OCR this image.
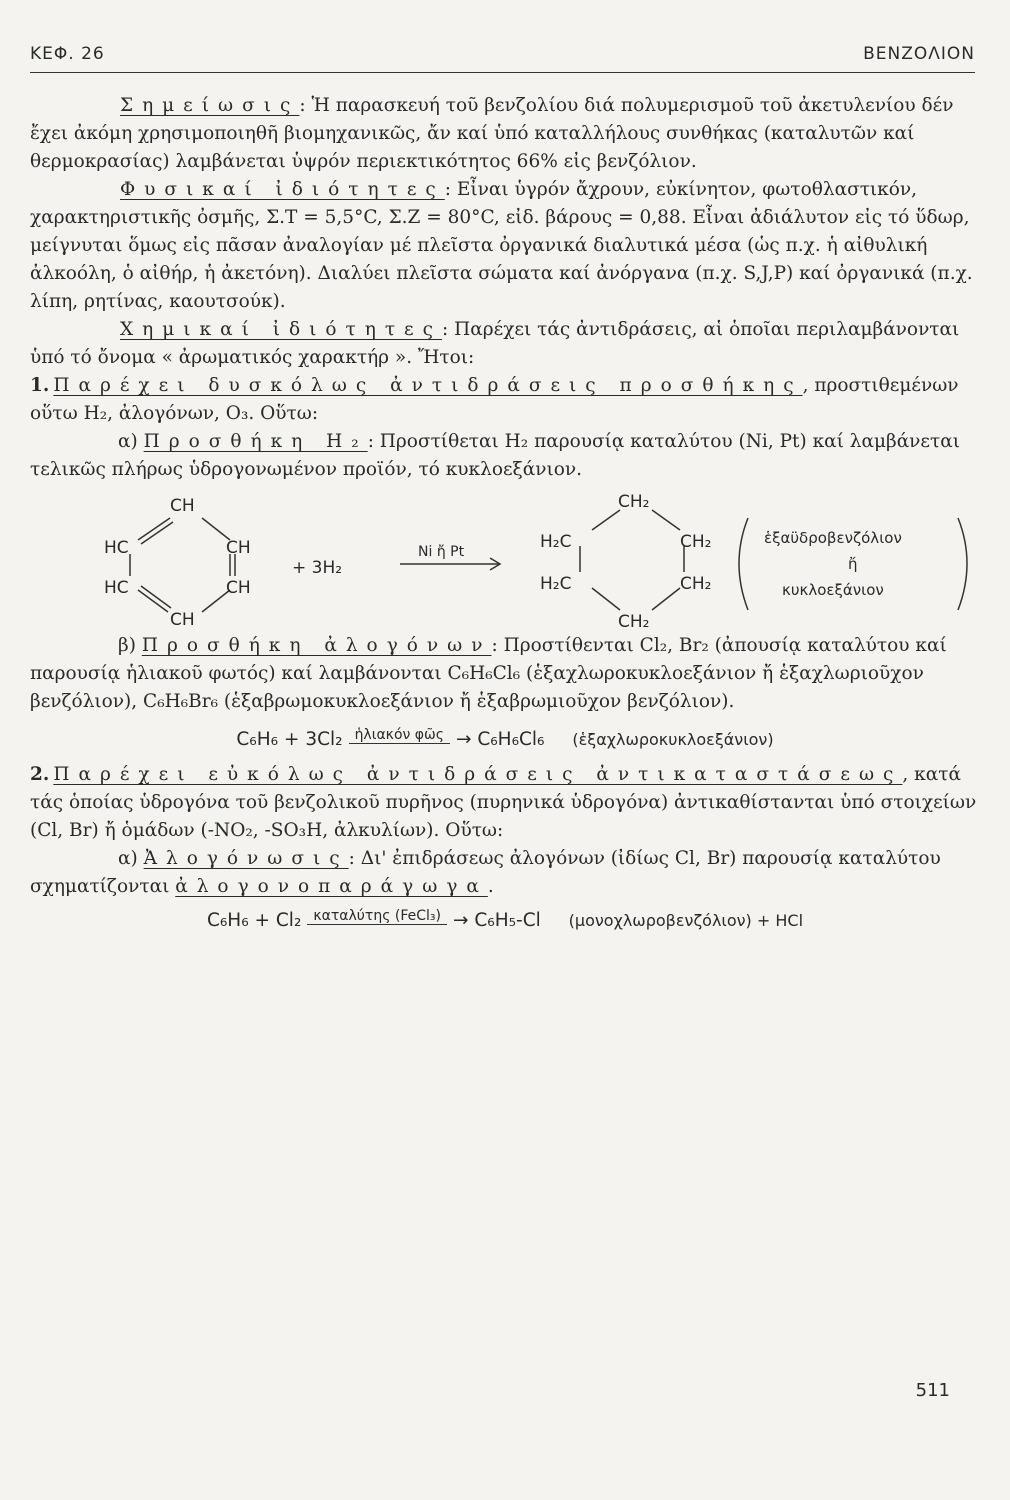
ΚΕΦ. 26	ΒΕΝΖΟΛΙΟΝ

Σημείωσις: Ἡ παρασκευή τοῦ βενζολίου διά πολυμερισμοῦ τοῦ ἀκετυλενίου δέν ἔχει ἀκόμη χρησιμοποιηθῆ βιομηχανικῶς, ἄν καί ὑπό καταλλήλους συνθήκας (καταλυτῶν καί θερμοκρασίας) λαμβάνεται ὑψρόν περιεκτικότητος 66% εἰς βενζόλιον.

Φυσικαί ἰδιότητες: Εἶναι ὑγρόν ἄχρουν, εὐκίνητον, φωτοθλαστικόν, χαρακτηριστικῆς ὀσμῆς, Σ.Τ = 5,5°C, Σ.Ζ = 80°C, εἰδ. βάρους = 0,88. Εἶναι ἀδιάλυτον εἰς τό ὕδωρ, μείγνυται ὅμως εἰς πᾶσαν ἀναλογίαν μέ πλεῖστα ὀργανικά διαλυτικά μέσα (ὡς π.χ. ἡ αἰθυλική ἀλκοόλη, ὁ αἰθήρ, ἡ ἀκετόνη). Διαλύει πλεῖστα σώματα καί ἀνόργανα (π.χ. S,J,P) καί ὀργανικά (π.χ. λίπη, ρητίνας, καουτσούκ).

Χημικαί ἰδιότητες: Παρέχει τάς ἀντιδράσεις, αἱ ὁποῖαι περιλαμβάνονται ὑπό τό ὄνομα « ἀρωματικός χαρακτήρ ». Ἤτοι:

1. Παρέχει δυσκόλως ἀντιδράσεις προσθήκης, προστιθεμένων οὕτω H₂, ἀλογόνων, O₃. Οὕτω:

α) Προσθήκη H₂: Προστίθεται H₂ παρουσίᾳ καταλύτου (Ni, Pt) καί λαμβάνεται τελικῶς πλήρως ὑδρογονωμένον προϊόν, τό κυκλοεξάνιον.

CH
HC	CH
HC	CH
CH
+ 3H₂
Ni ἤ Pt
CH₂
H₂C	CH₂
H₂C	CH₂
CH₂
ἑξαϋδροβενζόλιον
ἤ
κυκλοεξάνιον

β) Προσθήκη ἀλογόνων: Προστίθενται Cl₂, Br₂ (ἀπουσίᾳ καταλύτου καί παρουσίᾳ ἡλιακοῦ φωτός) καί λαμβάνονται C₆H₆Cl₆ (ἑξαχλωροκυκλοεξάνιον ἤ ἑξαχλωριοῦχον βενζόλιον), C₆H₆Br₆ (ἑξαβρωμοκυκλοεξάνιον ἤ ἑξαβρωμιοῦχον βενζόλιον).

C₆H₆ + 3Cl₂ $^{ἡ\lambda\iota\alpha\kappa ό\nu \varphi ῶ\varsigma}$ → C₆H₆Cl₆ (ἑξαχλωροκυκλοεξάνιον)

2. Παρέχει εὐκόλως ἀντιδράσεις ἀντικαταστάσεως, κατά τάς ὁποίας ὑδρογόνα τοῦ βενζολικοῦ πυρῆνος (πυρηνικά ὑδρογόνα) ἀντικαθίστανται ὑπό στοιχείων (Cl, Br) ἤ ὁμάδων (-NO₂, -SO₃H, ἀλκυλίων). Οὕτω:

α) Ἀλογόνωσις: Δι' ἐπιδράσεως ἀλογόνων (ἰδίως Cl, Br) παρουσίᾳ καταλύτου σχηματίζονται ἀλογονοπαράγωγα.

C₆H₆ + Cl₂ $^{\kappa\alpha\tau\alpha\lambda ύ\tau\eta\varsigma (FeCl_3)}$ → C₆H₅-Cl (μονοχλωροβενζόλιον) + HCl
511
